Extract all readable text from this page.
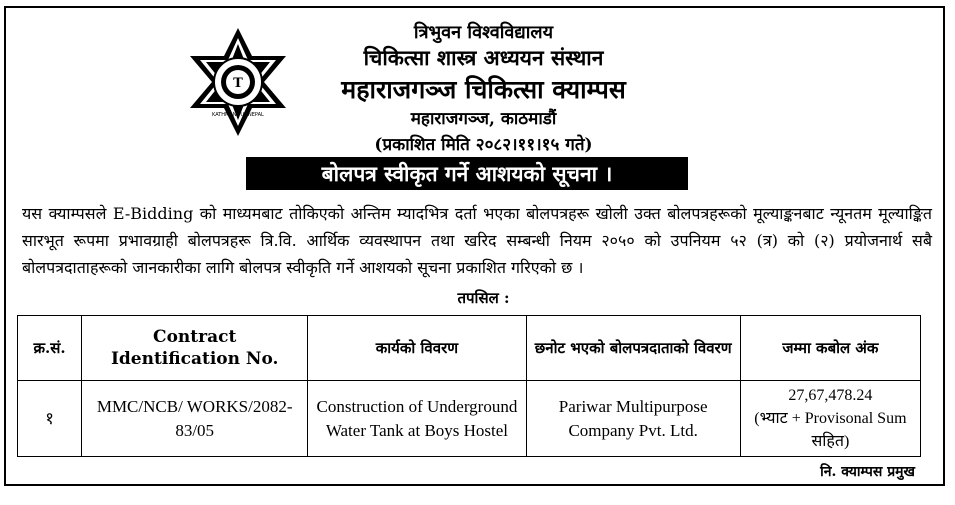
T
KATHMANDU NEPAL
त्रिभुवन विश्वविद्यालय
चिकित्सा शास्त्र अध्ययन संस्थान
महाराजगञ्ज चिकित्सा क्याम्पस
महाराजगञ्ज, काठमाडौं
(प्रकाशित मिति २०८२।११।१५ गते)
बोलपत्र स्वीकृत गर्ने आशयको सूचना ।
यस क्याम्पसले E-Bidding को माध्यमबाट तोकिएको अन्तिम म्यादभित्र दर्ता भएका बोलपत्रहरू खोली उक्त बोलपत्रहरूको मूल्याङ्कनबाट न्यूनतम मूल्याङ्कित सारभूत रूपमा प्रभावग्राही बोलपत्रहरू त्रि.वि. आर्थिक व्यवस्थापन तथा खरिद सम्बन्धी नियम २०५० को उपनियम ५२ (त्र) को (२) प्रयोजनार्थ सबै बोलपत्रदाताहरूको जानकारीका लागि बोलपत्र स्वीकृति गर्ने आशयको सूचना प्रकाशित गरिएको छ ।
तपसिल :
क्र.सं.	Contract Identification No.	कार्यको विवरण	छनोट भएको बोलपत्रदाताको विवरण	जम्मा कबोल अंक
१	MMC/NCB/ WORKS/2082-83/05	Construction of Underground Water Tank at Boys Hostel	Pariwar Multipurpose Company Pvt. Ltd.	27,67,478.24
(भ्याट + Provisonal Sum सहित)
नि. क्याम्पस प्रमुख
